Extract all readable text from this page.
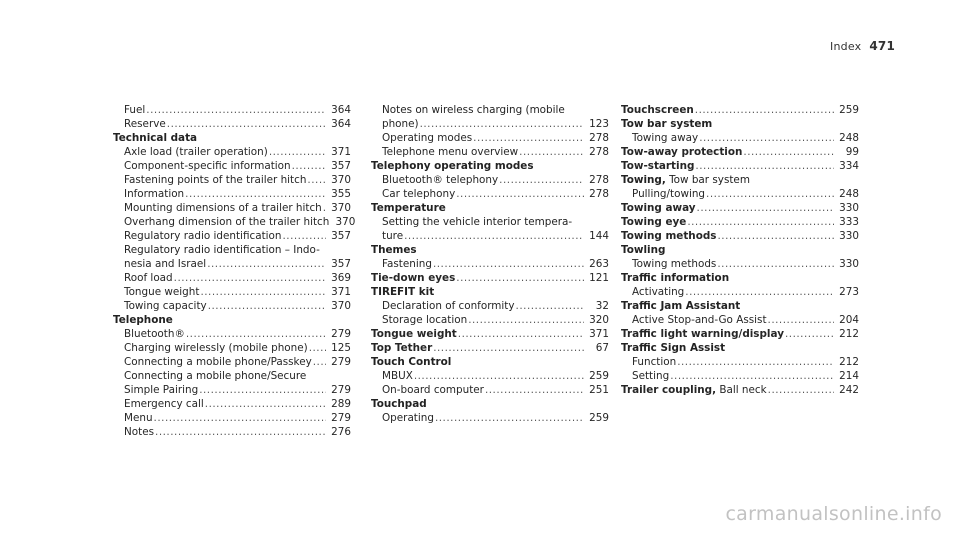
Index 471
Fuel .....	364
Reserve .....	364
Technical data
Axle load (trailer operation) .....	371
Component-specific information .....	357
Fastening points of the trailer hitch ..... 370
Information .....	355
Mounting dimensions of a trailer hitch ..... 370
Overhang dimension of the trailer hitch 370
Regulatory radio identification .....	357
Regulatory radio identification – Indo-
nesia and Israel .....	357
Roof load .....	369
Tongue weight .....	371
Towing capacity .....	370
Telephone
Bluetooth® .....	279
Charging wirelessly (mobile phone) ..... 125
Connecting a mobile phone/Passkey ..... 279
Connecting a mobile phone/Secure
Simple Pairing .....	279
Emergency call .....	289
Menu .....	279
Notes .....	276
Notes on wireless charging (mobile
phone) .....	123
Operating modes .....	278
Telephone menu overview .....	278
Telephony operating modes
Bluetooth® telephony .....	278
Car telephony .....	278
Temperature
Setting the vehicle interior tempera-
ture .....	144
Themes
Fastening .....	263
Tie-down eyes .....	121
TIREFIT kit
Declaration of conformity .....	32
Storage location .....	320
Tongue weight .....	371
Top Tether .....	67
Touch Control
MBUX .....	259
On-board computer .....	251
Touchpad
Operating .....	259
Touchscreen .....	259
Tow bar system
Towing away .....	248
Tow-away protection .....	99
Tow-starting .....	334
Towing, Tow bar system
Pulling/towing .....	248
Towing away .....	330
Towing eye .....	333
Towing methods .....	330
Towling
Towing methods .....	330
Traffic information
Activating .....	273
Traffic Jam Assistant
Active Stop-and-Go Assist .....	204
Traffic light warning/display .....	212
Traffic Sign Assist
Function .....	212
Setting .....	214
Trailer coupling, Ball neck .....	242
carmanualsonline.info
